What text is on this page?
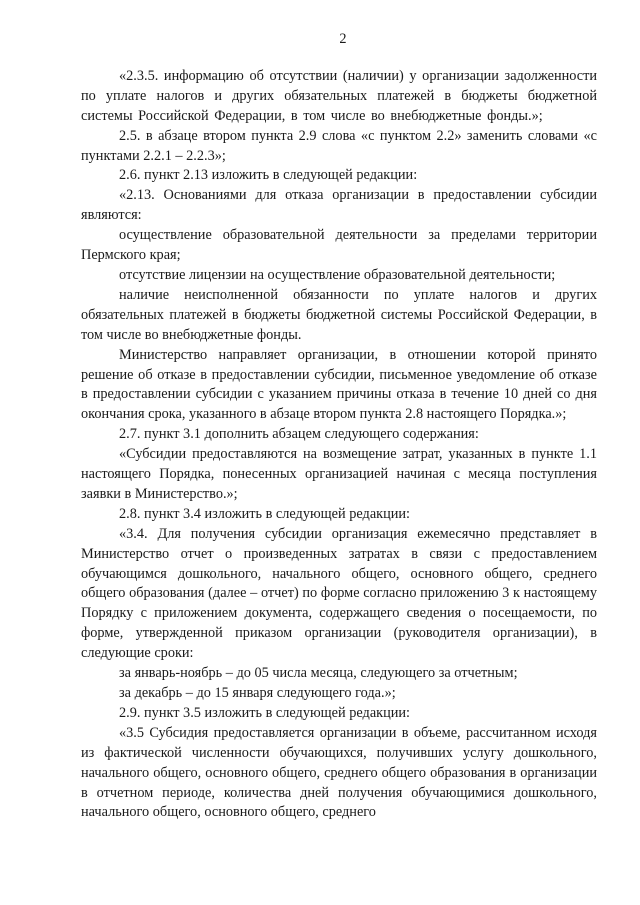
2

«2.3.5. информацию об отсутствии (наличии) у организации задолженности по уплате налогов и других обязательных платежей в бюджеты бюджетной системы Российской Федерации, в том числе во внебюджетные фонды.»;

2.5. в абзаце втором пункта 2.9 слова «с пунктом 2.2» заменить словами «с пунктами 2.2.1 – 2.2.3»;

2.6. пункт 2.13 изложить в следующей редакции:

«2.13. Основаниями для отказа организации в предоставлении субсидии являются:

осуществление образовательной деятельности за пределами территории Пермского края;

отсутствие лицензии на осуществление образовательной деятельности;

наличие неисполненной обязанности по уплате налогов и других обязательных платежей в бюджеты бюджетной системы Российской Федерации, в том числе во внебюджетные фонды.

Министерство направляет организации, в отношении которой принято решение об отказе в предоставлении субсидии, письменное уведомление об отказе в предоставлении субсидии с указанием причины отказа в течение 10 дней со дня окончания срока, указанного в абзаце втором пункта 2.8 настоящего Порядка.»;

2.7. пункт 3.1 дополнить абзацем следующего содержания:

«Субсидии предоставляются на возмещение затрат, указанных в пункте 1.1 настоящего Порядка, понесенных организацией начиная с месяца поступления заявки в Министерство.»;

2.8. пункт 3.4 изложить в следующей редакции:

«3.4. Для получения субсидии организация ежемесячно представляет в Министерство отчет о произведенных затратах в связи с предоставлением обучающимся дошкольного, начального общего, основного общего, среднего общего образования (далее – отчет) по форме согласно приложению 3 к настоящему Порядку с приложением документа, содержащего сведения о посещаемости, по форме, утвержденной приказом организации (руководителя организации), в следующие сроки:

за январь-ноябрь – до 05 числа месяца, следующего за отчетным;

за декабрь – до 15 января следующего года.»;

2.9. пункт 3.5 изложить в следующей редакции:

«3.5 Субсидия предоставляется организации в объеме, рассчитанном исходя из фактической численности обучающихся, получивших услугу дошкольного, начального общего, основного общего, среднего общего образования в организации в отчетном периоде, количества дней получения обучающимися дошкольного, начального общего, основного общего, среднего
